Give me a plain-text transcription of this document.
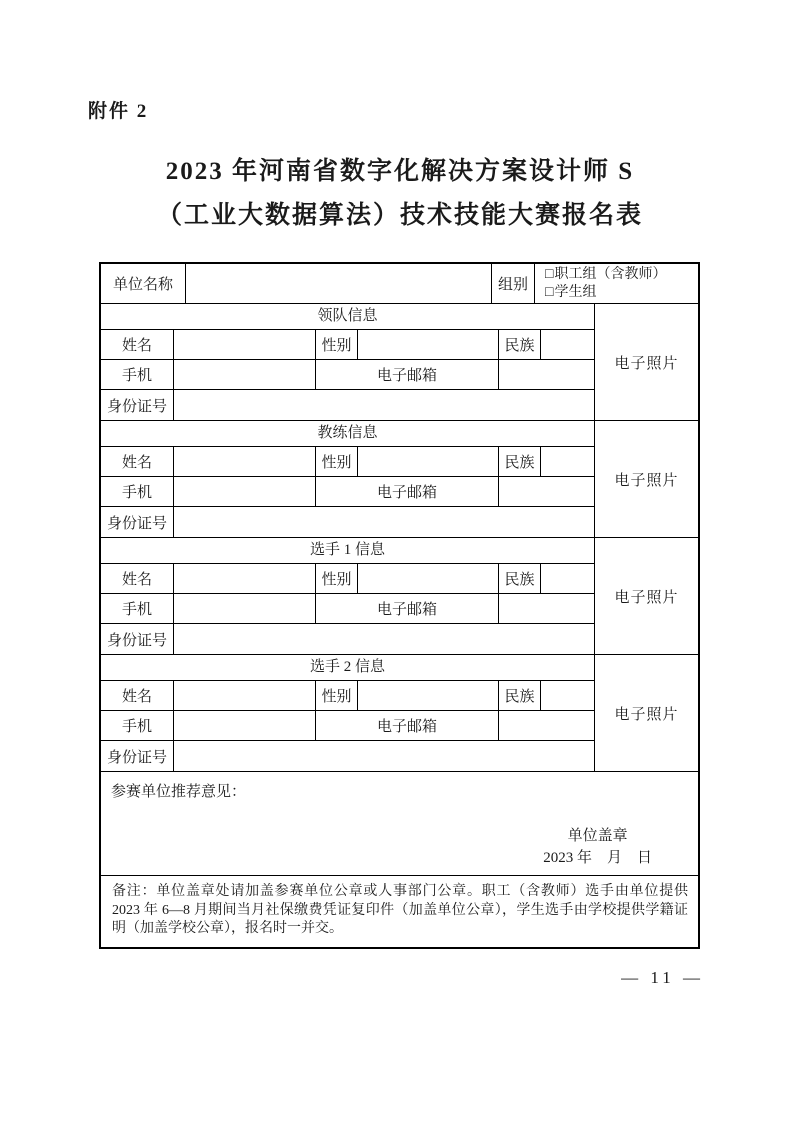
附件 2
2023 年河南省数字化解决方案设计师 S
（工业大数据算法）技术技能大赛报名表
单位名称	组别
□职工组（含教师）
□学生组
领队信息
姓名	性别	民族
手机	电子邮箱
身份证号
电子照片
教练信息
姓名	性别	民族
手机	电子邮箱
身份证号
电子照片
选手 1 信息
姓名	性别	民族
手机	电子邮箱
身份证号
电子照片
选手 2 信息
姓名	性别	民族
手机	电子邮箱
身份证号
电子照片
参赛单位推荐意见：
单位盖章
2023 年　月　日
备注：单位盖章处请加盖参赛单位公章或人事部门公章。职工（含教师）选手由单位提供 2023 年 6—8 月期间当月社保缴费凭证复印件（加盖单位公章），学生选手由学校提供学籍证明（加盖学校公章），报名时一并交。
— 11 —
